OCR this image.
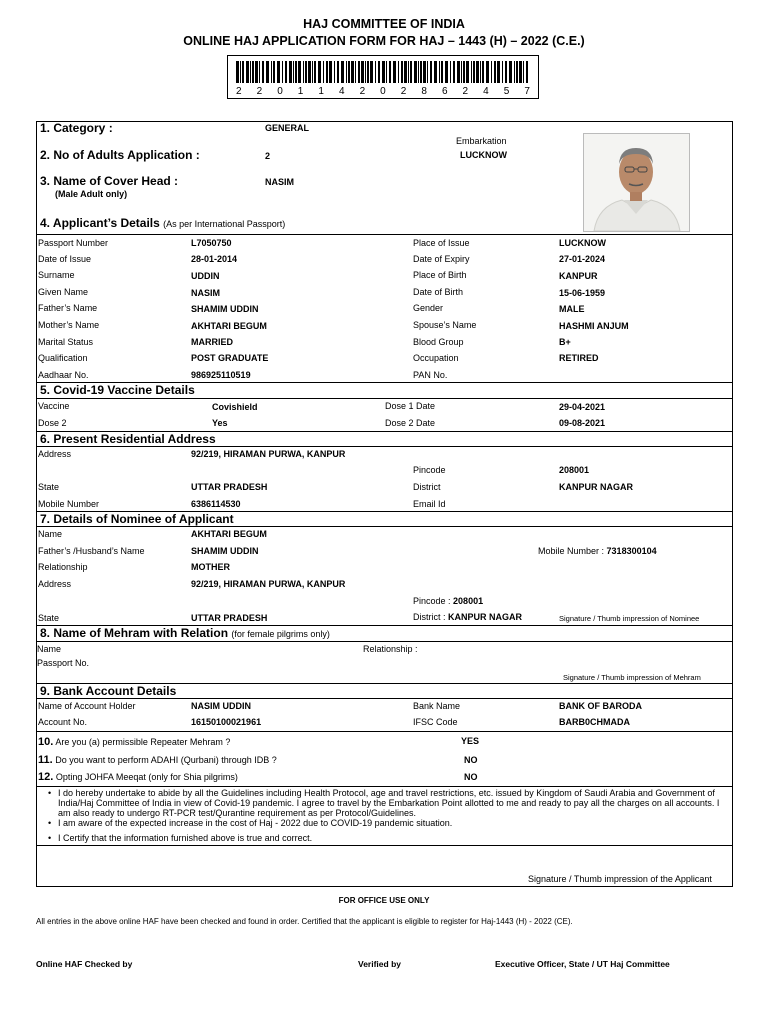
HAJ COMMITTEE OF INDIA
ONLINE HAJ APPLICATION FORM FOR HAJ – 1443 (H) – 2022 (C.E.)
2 2 0 1 1 4 2 0 2 8 6 2 4 5 7
1. Category :	GENERAL
2. No of Adults Application :	2
3. Name of Cover Head :
(Male Adult only)
NASIM
Embarkation
LUCKNOW
4. Applicant’s Details (As per International Passport)
Passport Number	L7050750	Place of Issue	LUCKNOW
Date of Issue	28-01-2014	Date of Expiry	27-01-2024
Surname	UDDIN	Place of Birth	KANPUR
Given Name	NASIM	Date of Birth	15-06-1959
Father’s Name	SHAMIM UDDIN	Gender	MALE
Mother’s Name	AKHTARI BEGUM	Spouse’s Name	HASHMI ANJUM
Marital Status	MARRIED	Blood Group	B+
Qualification	POST GRADUATE	Occupation	RETIRED
Aadhaar No.	986925110519	PAN No.
5. Covid-19 Vaccine Details
Vaccine	Covishield	Dose 1 Date	29-04-2021
Dose 2	Yes	Dose 2 Date	09-08-2021
6. Present Residential Address
Address	92/219, HIRAMAN PURWA, KANPUR
Pincode	208001
State	UTTAR PRADESH	District	KANPUR NAGAR
Mobile Number	6386114530	Email Id
7. Details of Nominee of Applicant
Name	AKHTARI BEGUM
Father’s /Husband’s Name	SHAMIM UDDIN	Mobile Number : 7318300104
Relationship	MOTHER
Address	92/219, HIRAMAN PURWA, KANPUR
Pincode : 208001
State	UTTAR PRADESH	District : KANPUR NAGAR	Signature / Thumb impression of Nominee
8. Name of Mehram with Relation (for female pilgrims only)
Name	Relationship :
Passport No.
Signature / Thumb impression of Mehram
9. Bank Account Details
Name of Account Holder	NASIM UDDIN	Bank Name	BANK OF BARODA
Account No.	16150100021961	IFSC Code	BARB0CHMADA
10. Are you (a) permissible Repeater Mehram ?	YES
11. Do you want to perform ADAHI (Qurbani) through IDB ?	NO
12. Opting JOHFA Meeqat (only for Shia pilgrims)	NO
• I do hereby undertake to abide by all the Guidelines including Health Protocol, age and travel restrictions, etc. issued by Kingdom of Saudi Arabia and Government of India/Haj Committee of India in view of Covid-19 pandemic. I agree to travel by the Embarkation Point allotted to me and ready to pay all the charges on all accounts. I am also ready to undergo RT-PCR test/Qurantine requirement as per Protocol/Guidelines.
• I am aware of the expected increase in the cost of Haj - 2022 due to COVID-19 pandemic situation.
• I Certify that the information furnished above is true and correct.
Signature / Thumb impression of the Applicant
FOR OFFICE USE ONLY
All entries in the above online HAF have been checked and found in order. Certified that the applicant is eligible to register for Haj-1443 (H) - 2022 (CE).
Online HAF Checked by	Verified by	Executive Officer, State / UT Haj Committee
